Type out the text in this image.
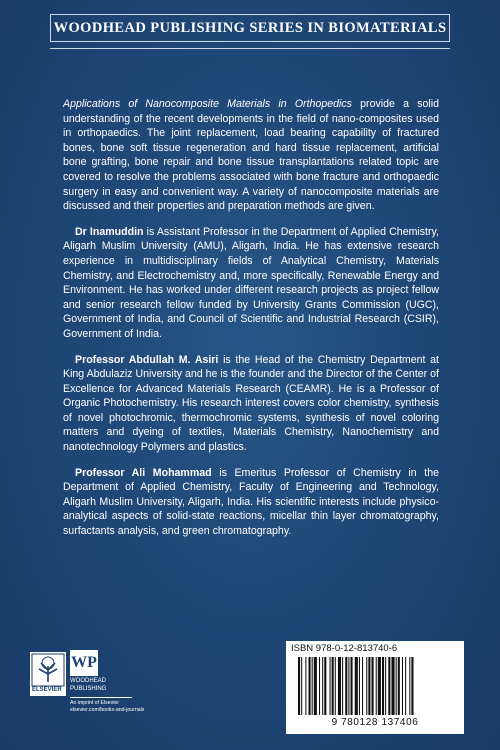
WOODHEAD PUBLISHING SERIES IN BIOMATERIALS

Applications of Nanocomposite Materials in Orthopedics provide a solid understanding of the recent developments in the field of nano-composites used in orthopaedics. The joint replacement, load bearing capability of fractured bones, bone soft tissue regeneration and hard tissue replacement, artificial bone grafting, bone repair and bone tissue transplantations related topic are covered to resolve the problems associated with bone fracture and orthopaedic surgery in easy and convenient way. A variety of nanocomposite materials are discussed and their properties and preparation methods are given.

Dr Inamuddin is Assistant Professor in the Department of Applied Chemistry, Aligarh Muslim University (AMU), Aligarh, India. He has extensive research experience in multidisciplinary fields of Analytical Chemistry, Materials Chemistry, and Electrochemistry and, more specifically, Renewable Energy and Environment. He has worked under different research projects as project fellow and senior research fellow funded by University Grants Commission (UGC), Government of India, and Council of Scientific and Industrial Research (CSIR), Government of India.

Professor Abdullah M. Asiri is the Head of the Chemistry Department at King Abdulaziz University and he is the founder and the Director of the Center of Excellence for Advanced Materials Research (CEAMR). He is a Professor of Organic Photochemistry. His research interest covers color chemistry, synthesis of novel photochromic, thermochromic systems, synthesis of novel coloring matters and dyeing of textiles, Materials Chemistry, Nanochemistry and nanotechnology Polymers and plastics.

Professor Ali Mohammad is Emeritus Professor of Chemistry in the Department of Applied Chemistry, Faculty of Engineering and Technology, Aligarh Muslim University, Aligarh, India. His scientific interests include physico-analytical aspects of solid-state reactions, micellar thin layer chromatography, surfactants analysis, and green chromatography.

ELSEVIER
WP
WOODHEAD
PUBLISHING
An imprint of Elsevier
elsevier.com/books-and-journals
ISBN 978-0-12-813740-6
9 780128 137406
